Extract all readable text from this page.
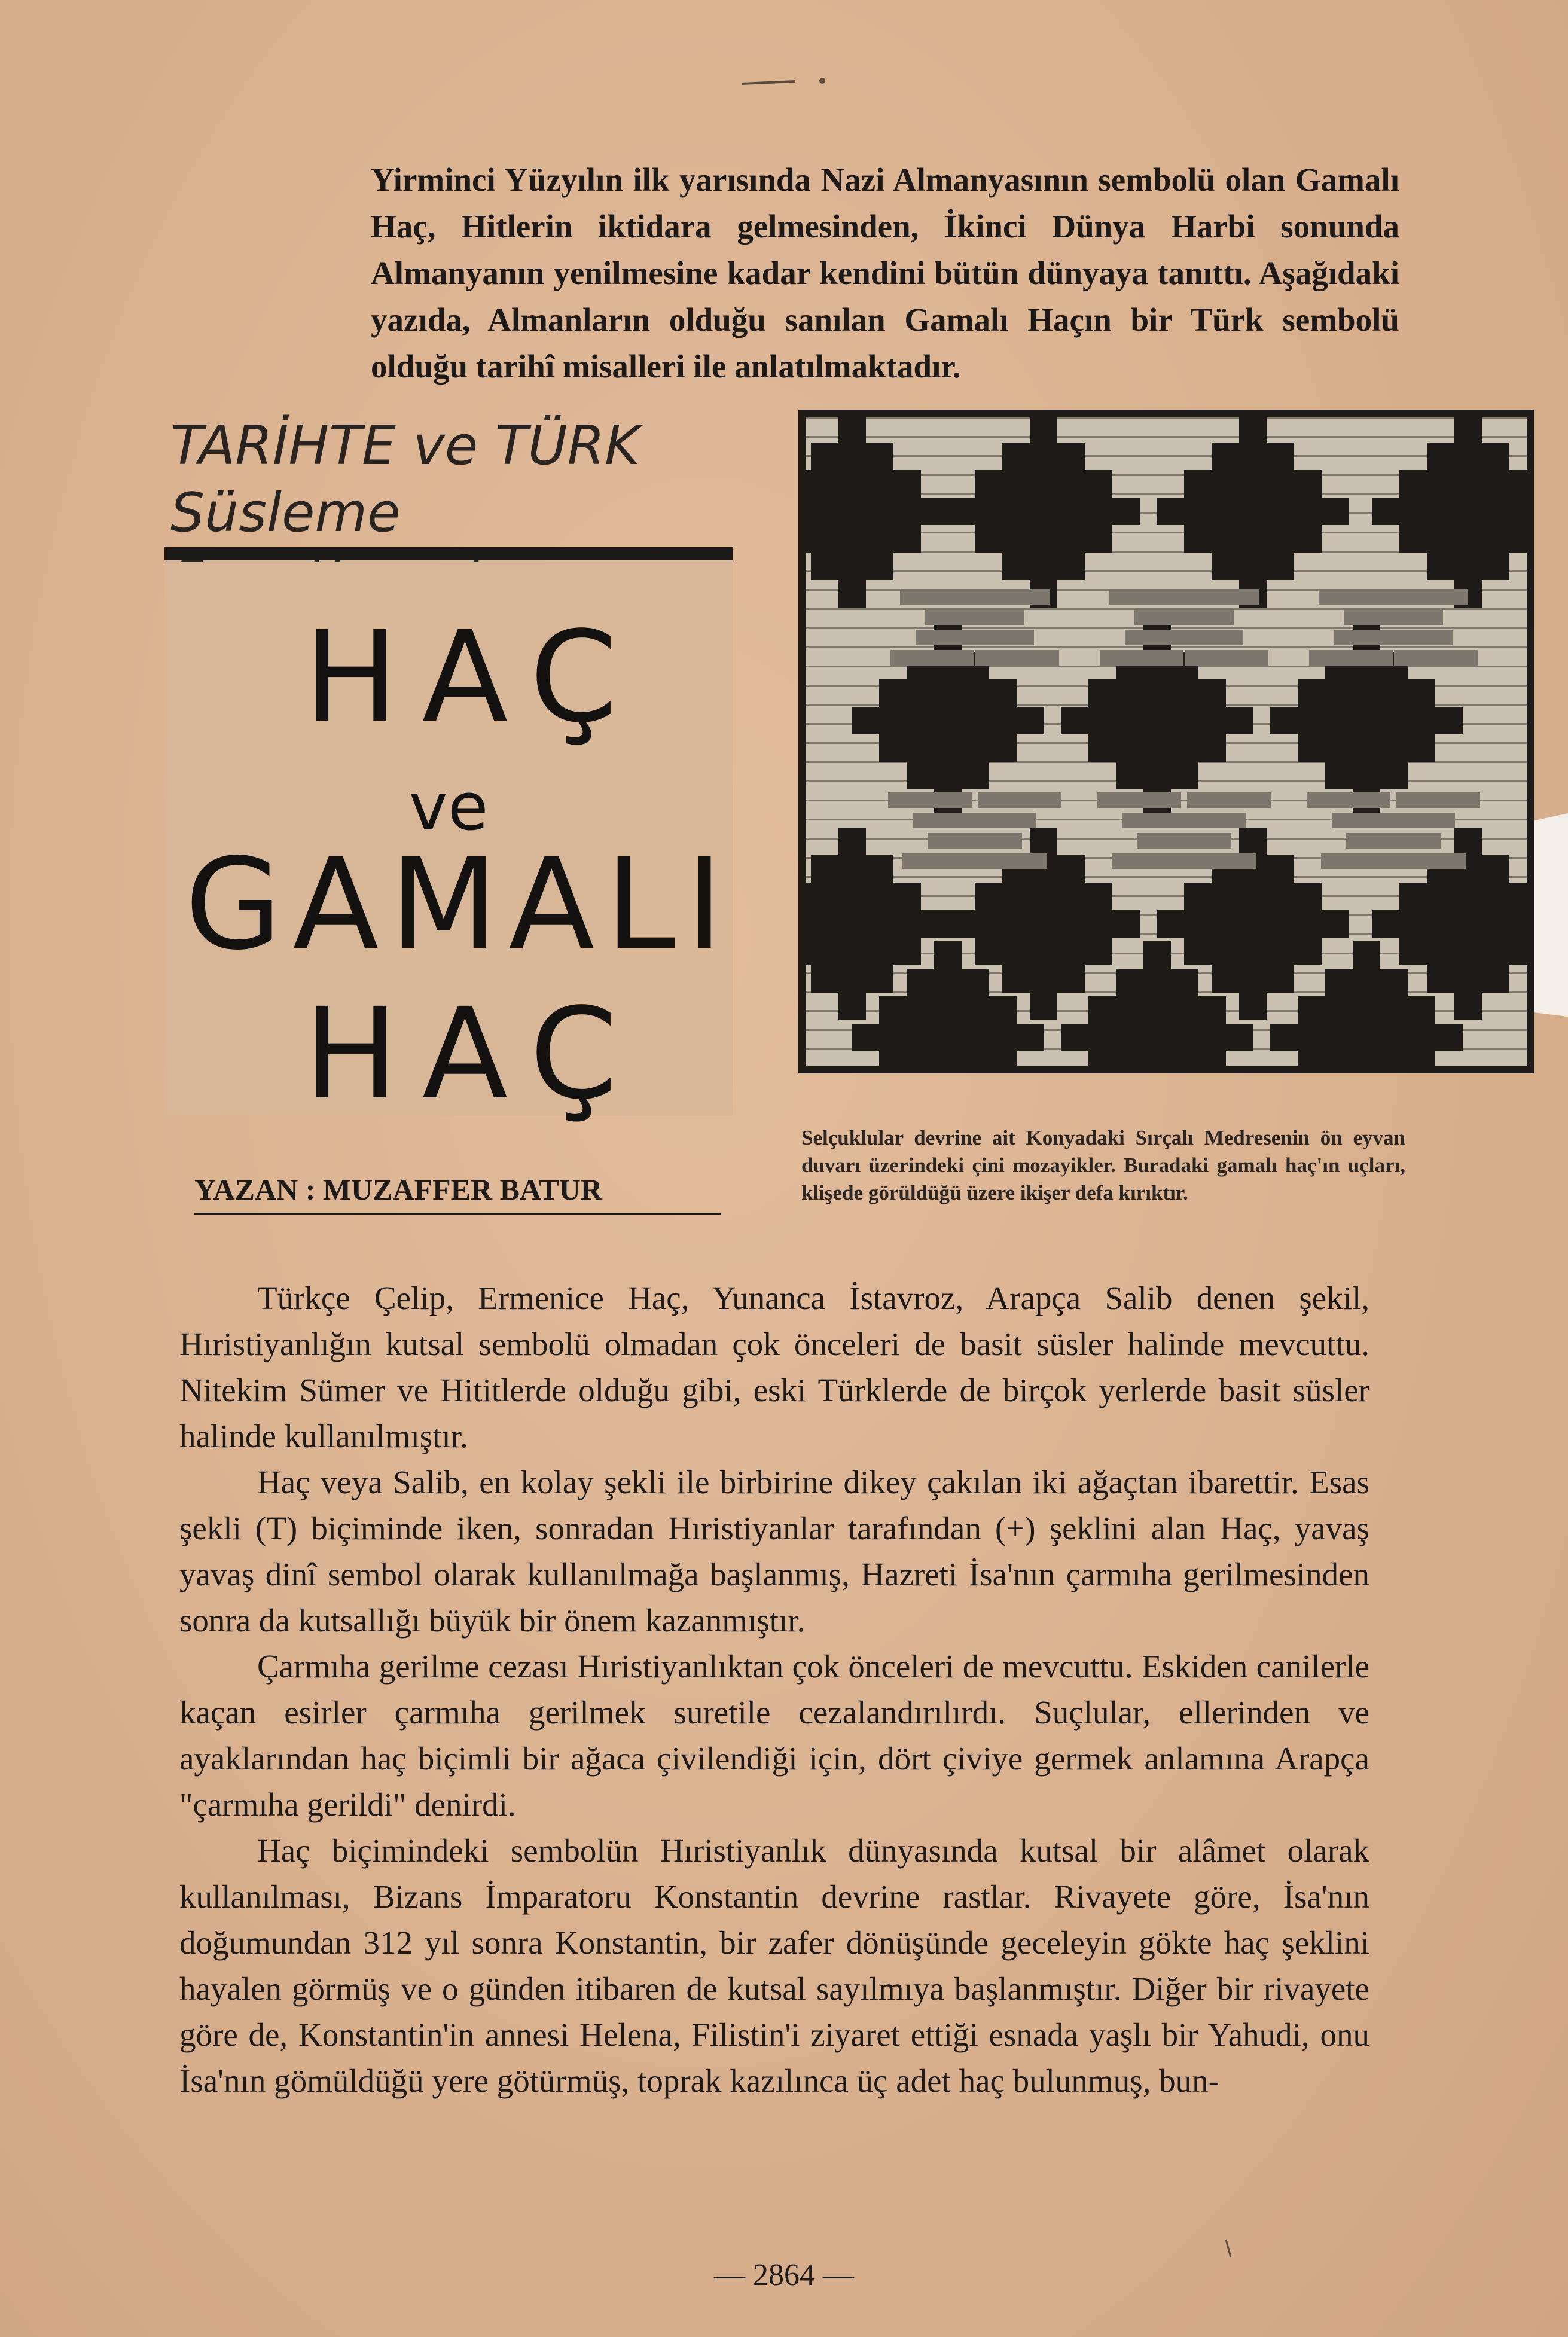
Yirminci Yüzyılın ilk yarısında Nazi Almanyasının sembolü olan Gamalı Haç, Hitlerin iktidara gelmesinden, İkinci Dünya Harbi sonunda Almanyanın yenilmesine kadar kendini bütün dünyaya tanıttı. Aşağıdaki yazıda, Almanların olduğu sanılan Gamalı Haçın bir Türk sembolü olduğu tarihî misalleri ile anlatılmaktadır.
TARİHTE ve TÜRK
Süsleme
HAÇ
ve
GAMALI
HAÇ
YAZAN : MUZAFFER BATUR
Selçuklular devrine ait Konyadaki Sırçalı Medresenin ön eyvan duvarı üzerindeki çini mozayikler. Buradaki gamalı haç'ın uçları, klişede görüldüğü üzere ikişer defa kırıktır.

Türkçe Çelip, Ermenice Haç, Yunanca İstavroz, Arapça Salib denen şekil, Hıristiyanlığın kutsal sembolü olmadan çok önceleri de basit süsler halinde mevcuttu. Nitekim Sümer ve Hititlerde olduğu gibi, eski Türklerde de birçok yerlerde basit süsler halinde kullanılmıştır.

Haç veya Salib, en kolay şekli ile birbirine dikey çakılan iki ağaçtan ibarettir. Esas şekli (T) biçiminde iken, sonradan Hıristiyanlar tarafından (+) şeklini alan Haç, yavaş yavaş dinî sembol olarak kullanılmağa başlanmış, Hazreti İsa'nın çarmıha gerilmesinden sonra da kutsallığı büyük bir önem kazanmıştır.

Çarmıha gerilme cezası Hıristiyanlıktan çok önceleri de mevcuttu. Eskiden canilerle kaçan esirler çarmıha gerilmek suretile cezalandırılırdı. Suçlular, ellerinden ve ayaklarından haç biçimli bir ağaca çivilendiği için, dört çiviye germek anlamına Arapça "çarmıha gerildi" denirdi.

Haç biçimindeki sembolün Hıristiyanlık dünyasında kutsal bir alâmet olarak kullanılması, Bizans İmparatoru Konstantin devrine rastlar. Rivayete göre, İsa'nın doğumundan 312 yıl sonra Konstantin, bir zafer dönüşünde geceleyin gökte haç şeklini hayalen görmüş ve o günden itibaren de kutsal sayılmıya başlanmıştır. Diğer bir rivayete göre de, Konstantin'in annesi Helena, Filistin'i ziyaret ettiği esnada yaşlı bir Yahudi, onu İsa'nın gömüldüğü yere götürmüş, toprak kazılınca üç adet haç bulunmuş, bun-

— 2864 —
